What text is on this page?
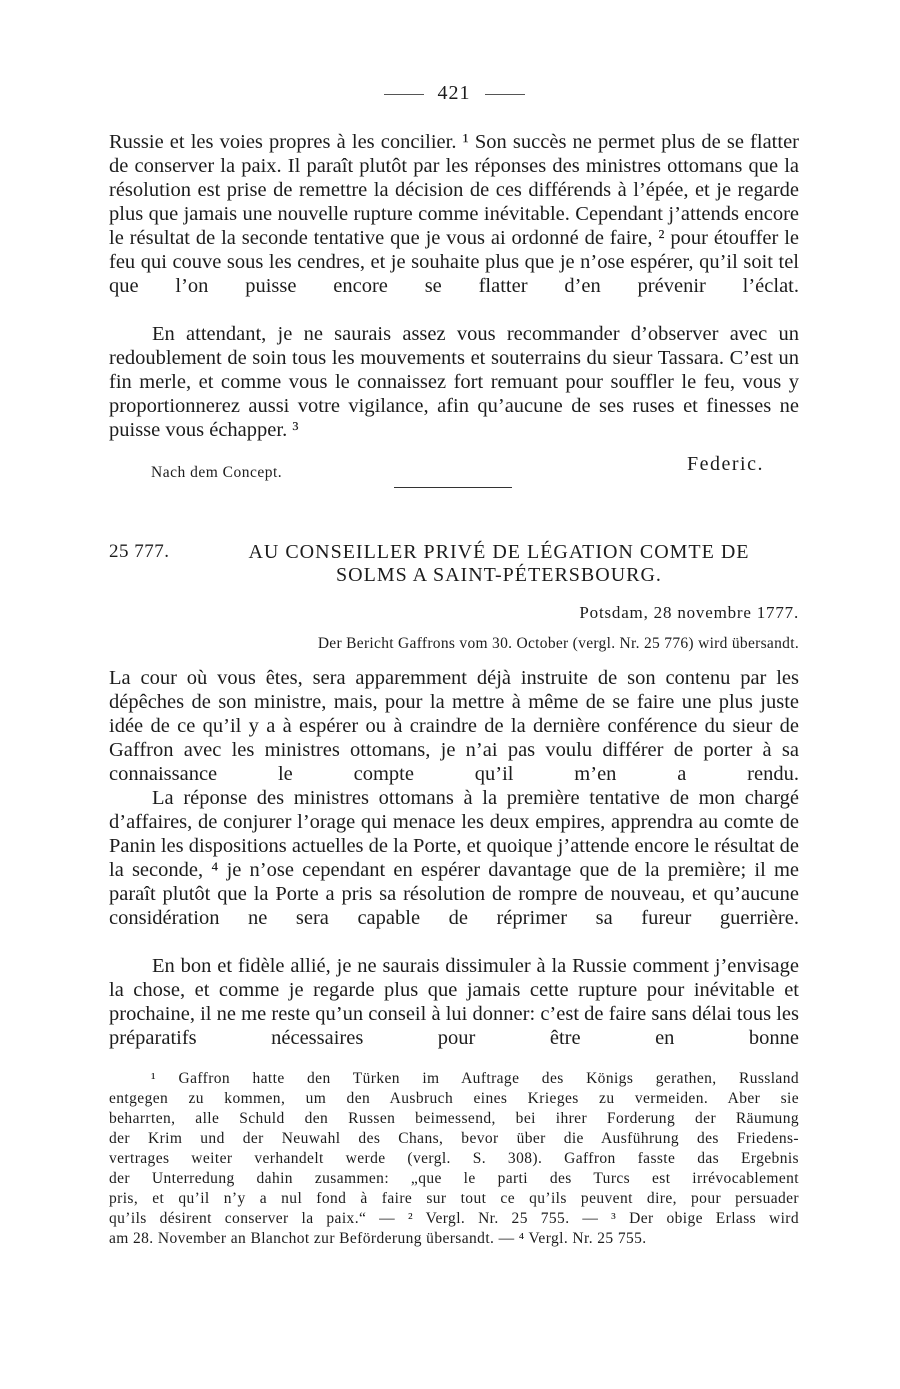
421

Russie et les voies propres à les concilier. ¹ Son succès ne permet plus de se flatter de conserver la paix. Il paraît plutôt par les réponses des ministres ottomans que la résolution est prise de remettre la décision de ces différends à l’épée, et je regarde plus que jamais une nouvelle rupture comme inévitable. Cependant j’attends encore le résultat de la seconde tentative que je vous ai ordonné de faire, ² pour étouffer le feu qui couve sous les cendres, et je souhaite plus que je n’ose espérer, qu’il soit tel que l’on puisse encore se flatter d’en prévenir l’éclat.

En attendant, je ne saurais assez vous recommander d’observer avec un redoublement de soin tous les mouvements et souterrains du sieur Tassara. C’est un fin merle, et comme vous le connaissez fort remuant pour souffler le feu, vous y proportionnerez aussi votre vigilance, afin qu’aucune de ses ruses et finesses ne puisse vous échapper. ³

Nach dem Concept.	Federic.
25 777.	AU CONSEILLER PRIVÉ DE LÉGATION COMTE DE
SOLMS A SAINT-PÉTERSBOURG.
Potsdam, 28 novembre 1777.
Der Bericht Gaffrons vom 30. October (vergl. Nr. 25 776) wird übersandt.

La cour où vous êtes, sera apparemment déjà instruite de son contenu par les dépêches de son ministre, mais, pour la mettre à même de se faire une plus juste idée de ce qu’il y a à espérer ou à craindre de la dernière conférence du sieur de Gaffron avec les ministres ottomans, je n’ai pas voulu différer de porter à sa connaissance le compte qu’il m’en a rendu.

La réponse des ministres ottomans à la première tentative de mon chargé d’affaires, de conjurer l’orage qui menace les deux empires, apprendra au comte de Panin les dispositions actuelles de la Porte, et quoique j’attende encore le résultat de la seconde, ⁴ je n’ose cependant en espérer davantage que de la première; il me paraît plutôt que la Porte a pris sa résolution de rompre de nouveau, et qu’aucune considération ne sera capable de réprimer sa fureur guerrière.

En bon et fidèle allié, je ne saurais dissimuler à la Russie comment j’envisage la chose, et comme je regarde plus que jamais cette rupture pour inévitable et prochaine, il ne me reste qu’un conseil à lui donner: c’est de faire sans délai tous les préparatifs nécessaires pour être en bonne

¹ Gaffron hatte den Türken im Auftrage des Königs gerathen, Russland
entgegen zu kommen, um den Ausbruch eines Krieges zu vermeiden. Aber sie
beharrten, alle Schuld den Russen beimessend, bei ihrer Forderung der Räumung
der Krim und der Neuwahl des Chans, bevor über die Ausführung des Friedens-
vertrages weiter verhandelt werde (vergl. S. 308). Gaffron fasste das Ergebnis
der Unterredung dahin zusammen: „que le parti des Turcs est irrévocablement
pris, et qu’il n’y a nul fond à faire sur tout ce qu’ils peuvent dire, pour persuader
qu’ils désirent conserver la paix.“ — ² Vergl. Nr. 25 755. — ³ Der obige Erlass wird
am 28. November an Blanchot zur Beförderung übersandt. — ⁴ Vergl. Nr. 25 755.
